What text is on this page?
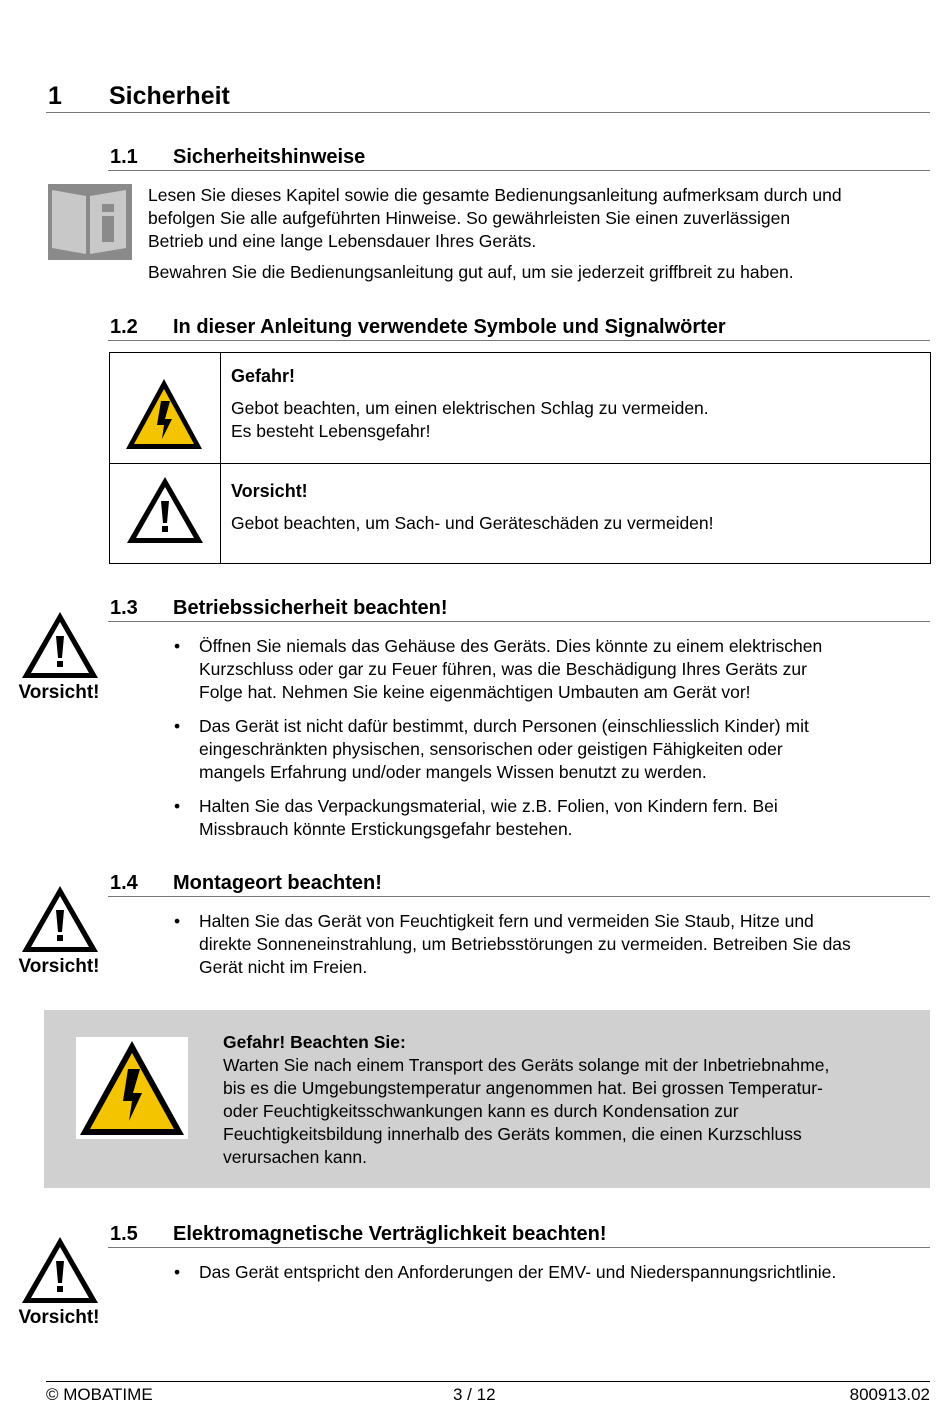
1 Sicherheit
1.1 Sicherheitshinweise
Lesen Sie dieses Kapitel sowie die gesamte Bedienungsanleitung aufmerksam durch und
befolgen Sie alle aufgeführten Hinweise. So gewährleisten Sie einen zuverlässigen
Betrieb und eine lange Lebensdauer Ihres Geräts.
Bewahren Sie die Bedienungsanleitung gut auf, um sie jederzeit griffbreit zu haben.
1.2 In dieser Anleitung verwendete Symbole und Signalwörter
Gefahr!
Gebot beachten, um einen elektrischen Schlag zu vermeiden.
Es besteht Lebensgefahr!
Vorsicht!
Gebot beachten, um Sach- und Geräteschäden zu vermeiden!
Vorsicht!
1.3 Betriebssicherheit beachten!
• Öffnen Sie niemals das Gehäuse des Geräts. Dies könnte zu einem elektrischen
Kurzschluss oder gar zu Feuer führen, was die Beschädigung Ihres Geräts zur
Folge hat. Nehmen Sie keine eigenmächtigen Umbauten am Gerät vor!
• Das Gerät ist nicht dafür bestimmt, durch Personen (einschliesslich Kinder) mit
eingeschränkten physischen, sensorischen oder geistigen Fähigkeiten oder
mangels Erfahrung und/oder mangels Wissen benutzt zu werden.
• Halten Sie das Verpackungsmaterial, wie z.B. Folien, von Kindern fern. Bei
Missbrauch könnte Erstickungsgefahr bestehen.
Vorsicht!
1.4 Montageort beachten!
• Halten Sie das Gerät von Feuchtigkeit fern und vermeiden Sie Staub, Hitze und
direkte Sonneneinstrahlung, um Betriebsstörungen zu vermeiden. Betreiben Sie das
Gerät nicht im Freien.
Gefahr! Beachten Sie:
Warten Sie nach einem Transport des Geräts solange mit der Inbetriebnahme,
bis es die Umgebungstemperatur angenommen hat. Bei grossen Temperatur-
oder Feuchtigkeitsschwankungen kann es durch Kondensation zur
Feuchtigkeitsbildung innerhalb des Geräts kommen, die einen Kurzschluss
verursachen kann.
Vorsicht!
1.5 Elektromagnetische Verträglichkeit beachten!
• Das Gerät entspricht den Anforderungen der EMV- und Niederspannungsrichtlinie.
© MOBATIME	3 / 12	800913.02
